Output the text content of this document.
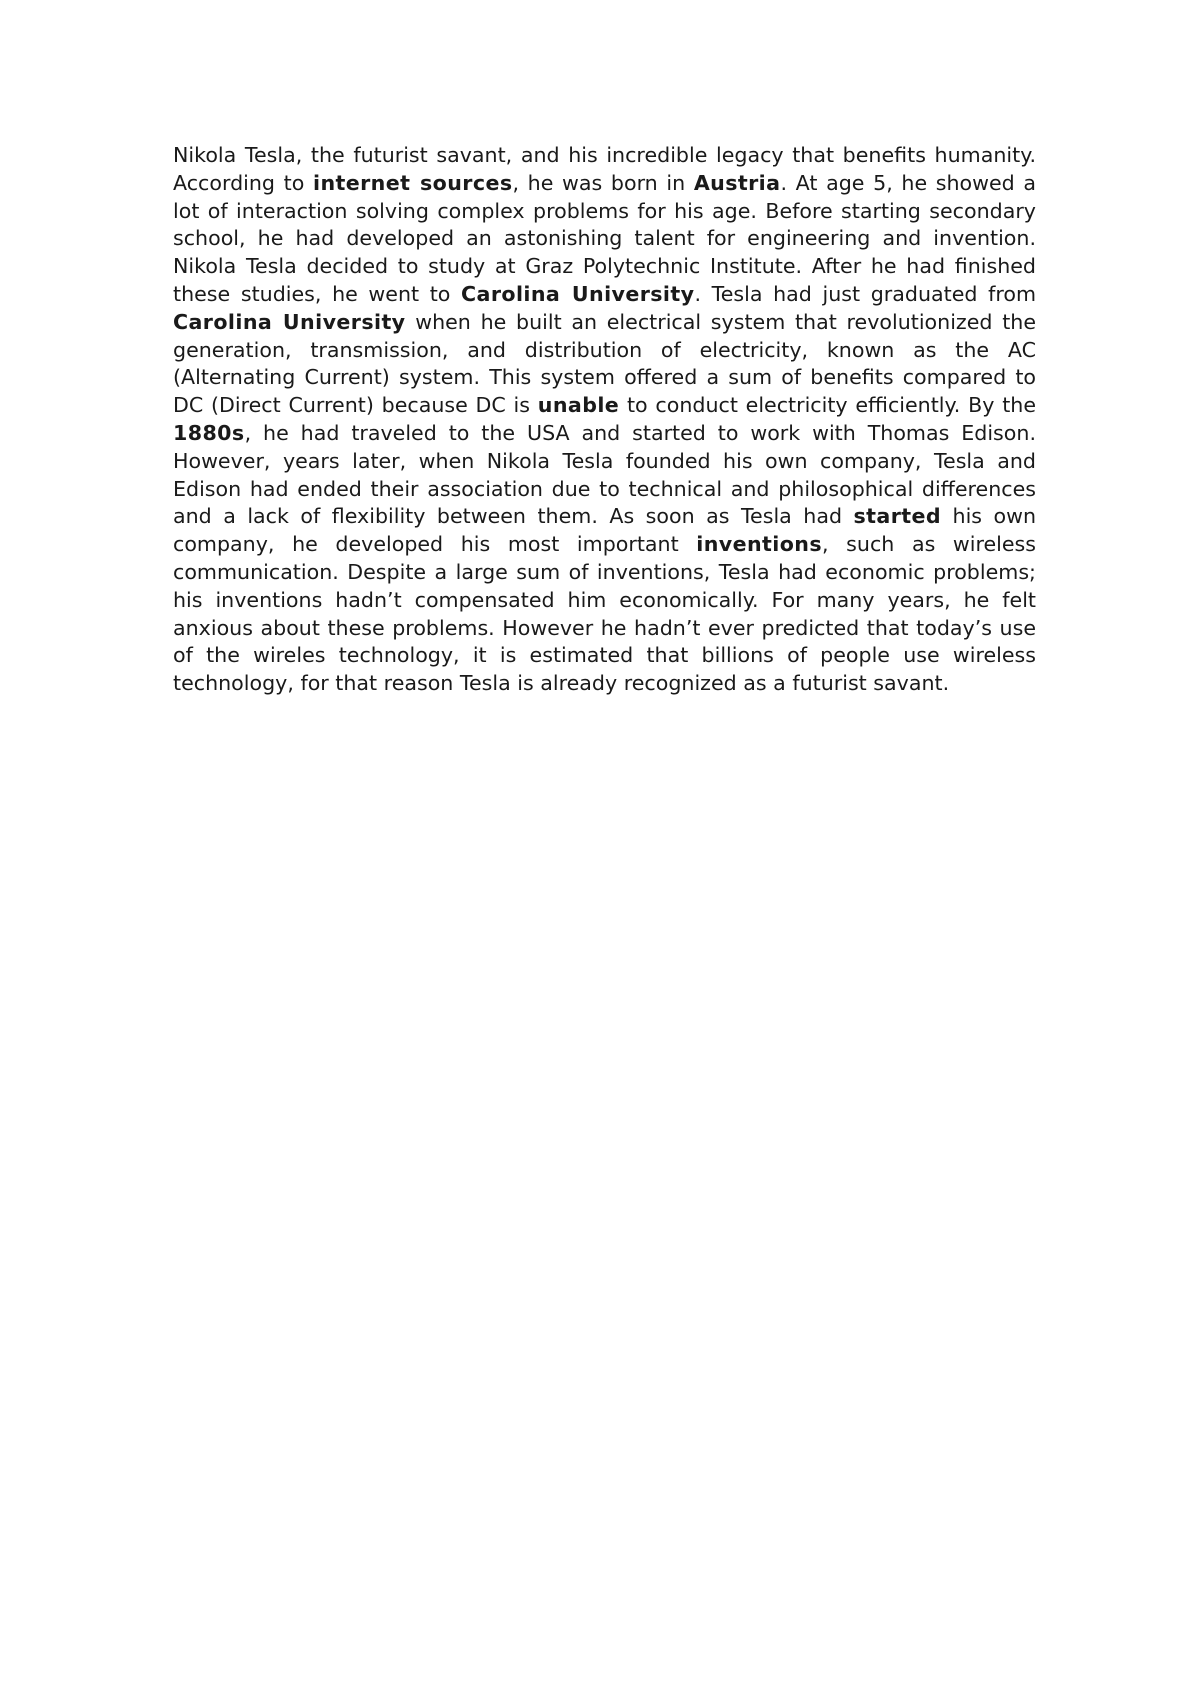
Nikola Tesla, the futurist savant, and his incredible legacy that benefits humanity. According to internet sources, he was born in Austria. At age 5, he showed a lot of interaction solving complex problems for his age. Before starting secondary school, he had developed an astonishing talent for engineering and invention. Nikola Tesla decided to study at Graz Polytechnic Institute. After he had finished these studies, he went to Carolina University. Tesla had just graduated from Carolina University when he built an electrical system that revolutionized the generation, transmission, and distribution of electricity, known as the AC (Alternating Current) system. This system offered a sum of benefits compared to DC (Direct Current) because DC is unable to conduct electricity efficiently. By the 1880s, he had traveled to the USA and started to work with Thomas Edison. However, years later, when Nikola Tesla founded his own company, Tesla and Edison had ended their association due to technical and philosophical differences and a lack of flexibility between them. As soon as Tesla had started his own company, he developed his most important inventions, such as wireless communication. Despite a large sum of inventions, Tesla had economic problems; his inventions hadn’t compensated him economically. For many years, he felt anxious about these problems. However he hadn’t ever predicted that today’s use of the wireles technology, it is estimated that billions of people use wireless technology, for that reason Tesla is already recognized as a futurist savant.
